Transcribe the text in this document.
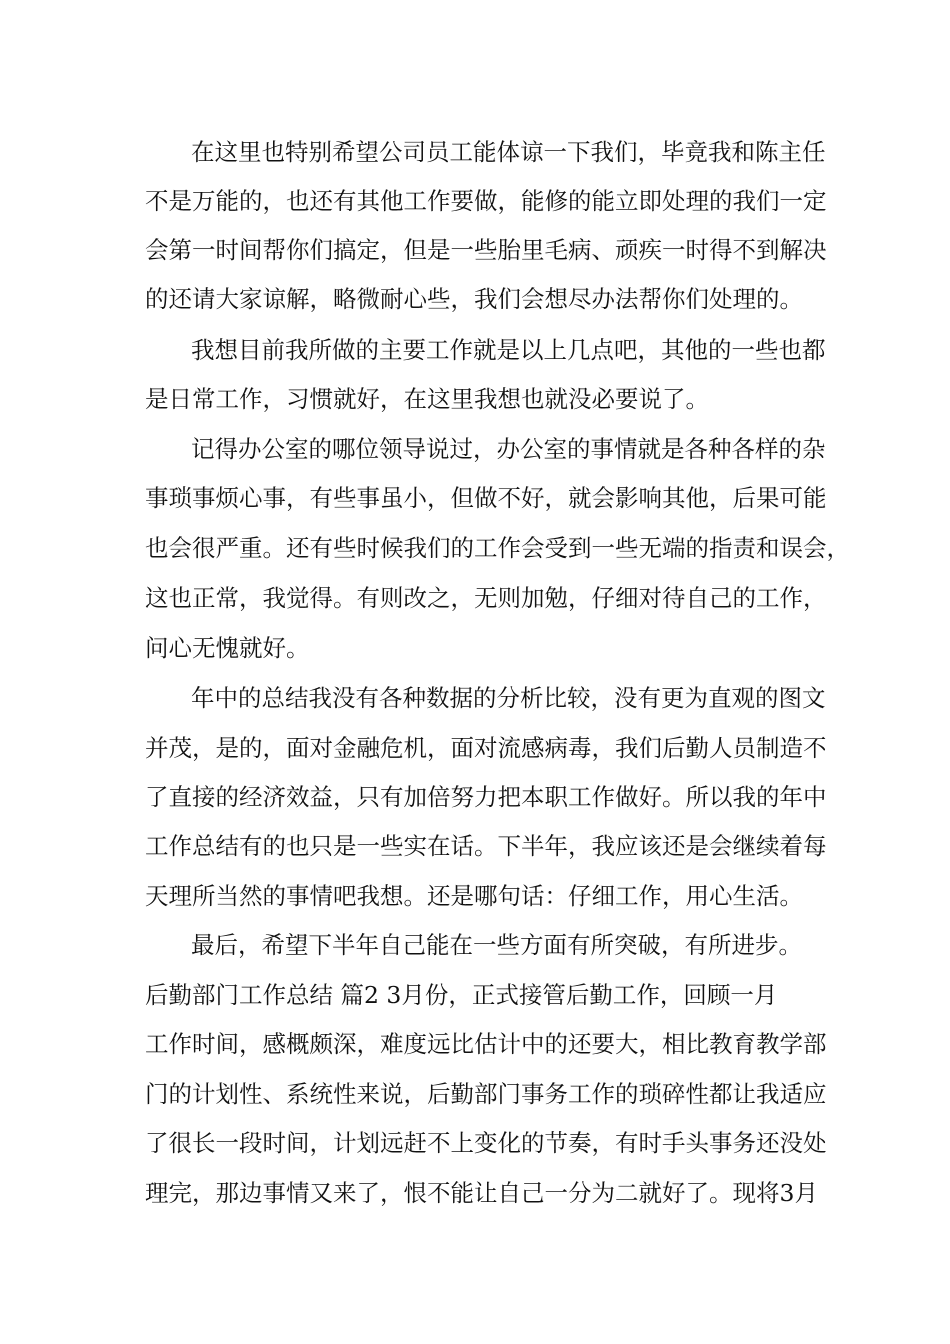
在这里也特别希望公司员工能体谅一下我们，毕竟我和陈主任
不是万能的，也还有其他工作要做，能修的能立即处理的我们一定
会第一时间帮你们搞定，但是一些胎里毛病、顽疾一时得不到解决
的还请大家谅解，略微耐心些，我们会想尽办法帮你们处理的。
我想目前我所做的主要工作就是以上几点吧，其他的一些也都
是日常工作，习惯就好，在这里我想也就没必要说了。
记得办公室的哪位领导说过，办公室的事情就是各种各样的杂
事琐事烦心事，有些事虽小，但做不好，就会影响其他，后果可能
也会很严重。还有些时候我们的工作会受到一些无端的指责和误会，
这也正常，我觉得。有则改之，无则加勉，仔细对待自己的工作，
问心无愧就好。
年中的总结我没有各种数据的分析比较，没有更为直观的图文
并茂，是的，面对金融危机，面对流感病毒，我们后勤人员制造不
了直接的经济效益，只有加倍努力把本职工作做好。所以我的年中
工作总结有的也只是一些实在话。下半年，我应该还是会继续着每
天理所当然的事情吧我想。还是哪句话：仔细工作，用心生活。
最后，希望下半年自己能在一些方面有所突破，有所进步。
后勤部门工作总结 篇2 3月份，正式接管后勤工作，回顾一月
工作时间，感概颇深，难度远比估计中的还要大，相比教育教学部
门的计划性、系统性来说，后勤部门事务工作的琐碎性都让我适应
了很长一段时间，计划远赶不上变化的节奏，有时手头事务还没处
理完，那边事情又来了，恨不能让自己一分为二就好了。现将3月
